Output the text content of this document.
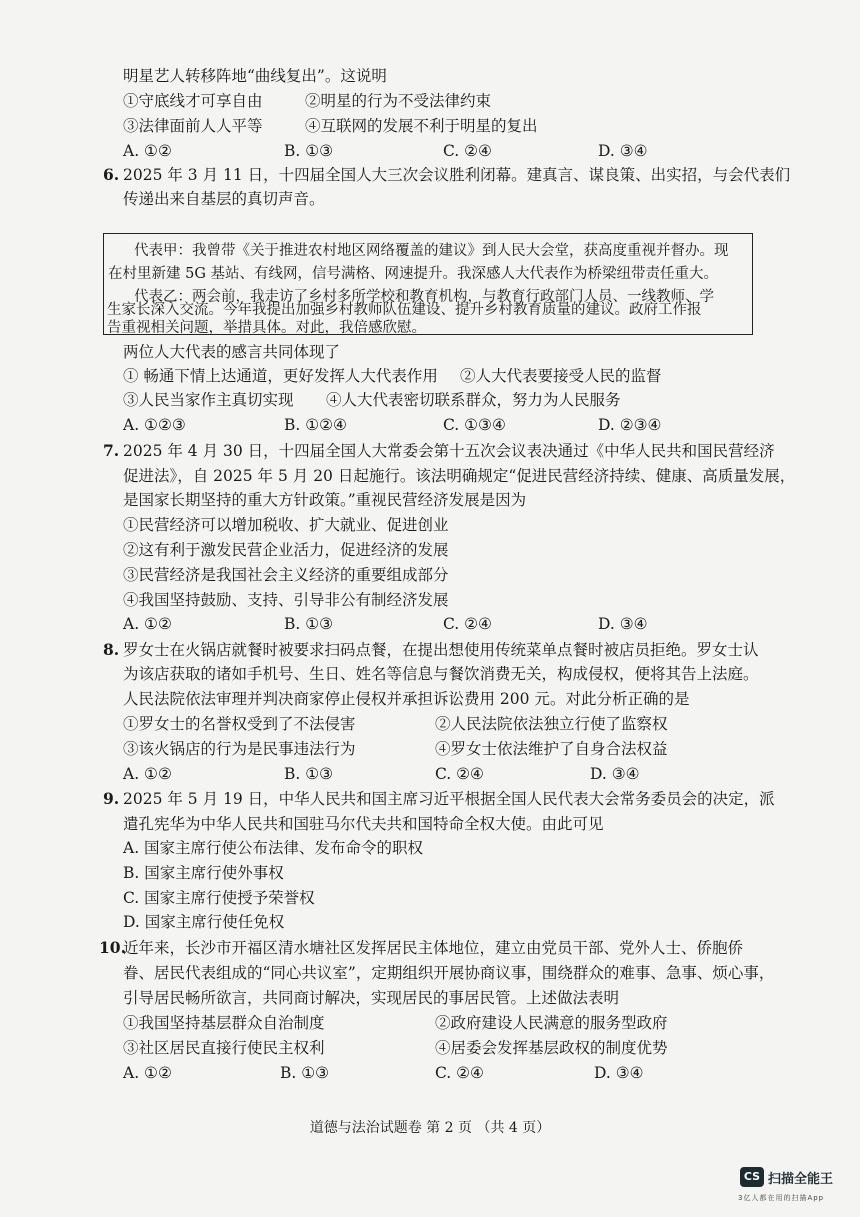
明星艺人转移阵地“曲线复出”。这说明
①守底线才可享自由	②明星的行为不受法律约束
③法律面前人人平等	④互联网的发展不利于明星的复出
A. ①②	B. ①③	C. ②④	D. ③④
6. 2025 年 3 月 11 日，十四届全国人大三次会议胜利闭幕。建真言、谋良策、出实招，与会代表们
传递出来自基层的真切声音。
代表甲：我曾带《关于推进农村地区网络覆盖的建议》到人民大会堂，获高度重视并督办。现
在村里新建 5G 基站、有线网，信号满格、网速提升。我深感人大代表作为桥梁纽带责任重大。
代表乙：两会前，我走访了乡村多所学校和教育机构，与教育行政部门人员、一线教师、学
生家长深入交流。今年我提出加强乡村教师队伍建设、提升乡村教育质量的建议。政府工作报
告重视相关问题，举措具体。对此，我倍感欣慰。
两位人大代表的感言共同体现了
① 畅通下情上达通道，更好发挥人大代表作用 ②人大代表要接受人民的监督
③人民当家作主真切实现 ④人大代表密切联系群众，努力为人民服务
A. ①②③	B. ①②④	C. ①③④	D. ②③④
7. 2025 年 4 月 30 日，十四届全国人大常委会第十五次会议表决通过《中华人民共和国民营经济
促进法》，自 2025 年 5 月 20 日起施行。该法明确规定“促进民营经济持续、健康、高质量发展，
是国家长期坚持的重大方针政策。”重视民营经济发展是因为
①民营经济可以增加税收、扩大就业、促进创业
②这有利于激发民营企业活力，促进经济的发展
③民营经济是我国社会主义经济的重要组成部分
④我国坚持鼓励、支持、引导非公有制经济发展
A. ①②	B. ①③	C. ②④	D. ③④
8. 罗女士在火锅店就餐时被要求扫码点餐，在提出想使用传统菜单点餐时被店员拒绝。罗女士认
为该店获取的诸如手机号、生日、姓名等信息与餐饮消费无关，构成侵权，便将其告上法庭。
人民法院依法审理并判决商家停止侵权并承担诉讼费用 200 元。对此分析正确的是
①罗女士的名誉权受到了不法侵害	②人民法院依法独立行使了监察权
③该火锅店的行为是民事违法行为	④罗女士依法维护了自身合法权益
A. ①②	B. ①③	C. ②④	D. ③④
9. 2025 年 5 月 19 日，中华人民共和国主席习近平根据全国人民代表大会常务委员会的决定，派
遣孔宪华为中华人民共和国驻马尔代夫共和国特命全权大使。由此可见
A. 国家主席行使公布法律、发布命令的职权
B. 国家主席行使外事权
C. 国家主席行使授予荣誉权
D. 国家主席行使任免权
10.
近年来，长沙市开福区清水塘社区发挥居民主体地位，建立由党员干部、党外人士、侨胞侨
眷、居民代表组成的“同心共议室”，定期组织开展协商议事，围绕群众的难事、急事、烦心事，
引导居民畅所欲言，共同商讨解决，实现居民的事居民管。上述做法表明
①我国坚持基层群众自治制度	②政府建设人民满意的服务型政府
③社区居民直接行使民主权利	④居委会发挥基层政权的制度优势
A. ①②	B. ①③	C. ②④	D. ③④
道德与法治试题卷 第 2 页 （共 4 页）
CS 扫描全能王
3亿人都在用的扫描App
